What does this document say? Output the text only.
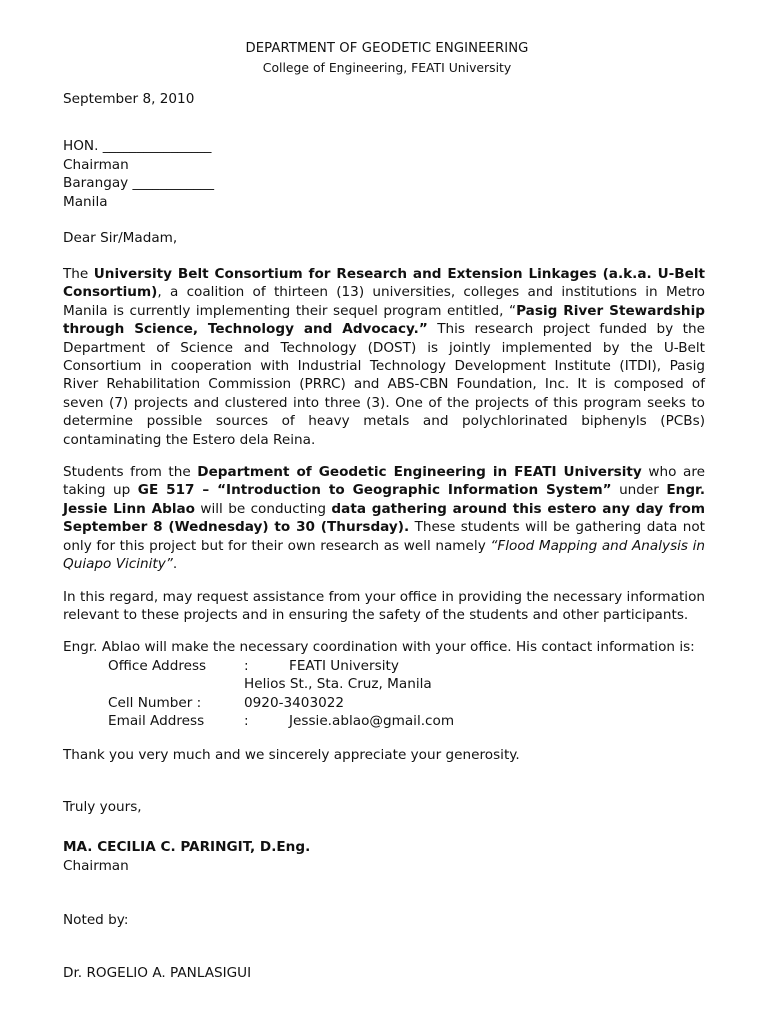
DEPARTMENT OF GEODETIC ENGINEERING
College of Engineering, FEATI University
September 8, 2010
HON. ________________
Chairman
Barangay ____________
Manila
Dear Sir/Madam,

The University Belt Consortium for Research and Extension Linkages (a.k.a. U-Belt Consortium), a coalition of thirteen (13) universities, colleges and institutions in Metro Manila is currently implementing their sequel program entitled, “Pasig River Stewardship through Science, Technology and Advocacy.” This research project funded by the Department of Science and Technology (DOST) is jointly implemented by the U-Belt Consortium in cooperation with Industrial Technology Development Institute (ITDI), Pasig River Rehabilitation Commission (PRRC) and ABS-CBN Foundation, Inc. It is composed of seven (7) projects and clustered into three (3). One of the projects of this program seeks to determine possible sources of heavy metals and polychlorinated biphenyls (PCBs) contaminating the Estero dela Reina.

Students from the Department of Geodetic Engineering in FEATI University who are taking up GE 517 – “Introduction to Geographic Information System” under Engr. Jessie Linn Ablao will be conducting data gathering around this estero any day from September 8 (Wednesday) to 30 (Thursday). These students will be gathering data not only for this project but for their own research as well namely “Flood Mapping and Analysis in Quiapo Vicinity”.

In this regard, may request assistance from your office in providing the necessary information relevant to these projects and in ensuring the safety of the students and other participants.

Engr. Ablao will make the necessary coordination with your office. His contact information is:

Office Address	:	FEATI University
Helios St., Sta. Cruz, Manila
Cell Number :	0920-3403022
Email Address	:	Jessie.ablao@gmail.com
Thank you very much and we sincerely appreciate your generosity.
Truly yours,
MA. CECILIA C. PARINGIT, D.Eng.
Chairman
Noted by:
Dr. ROGELIO A. PANLASIGUI
